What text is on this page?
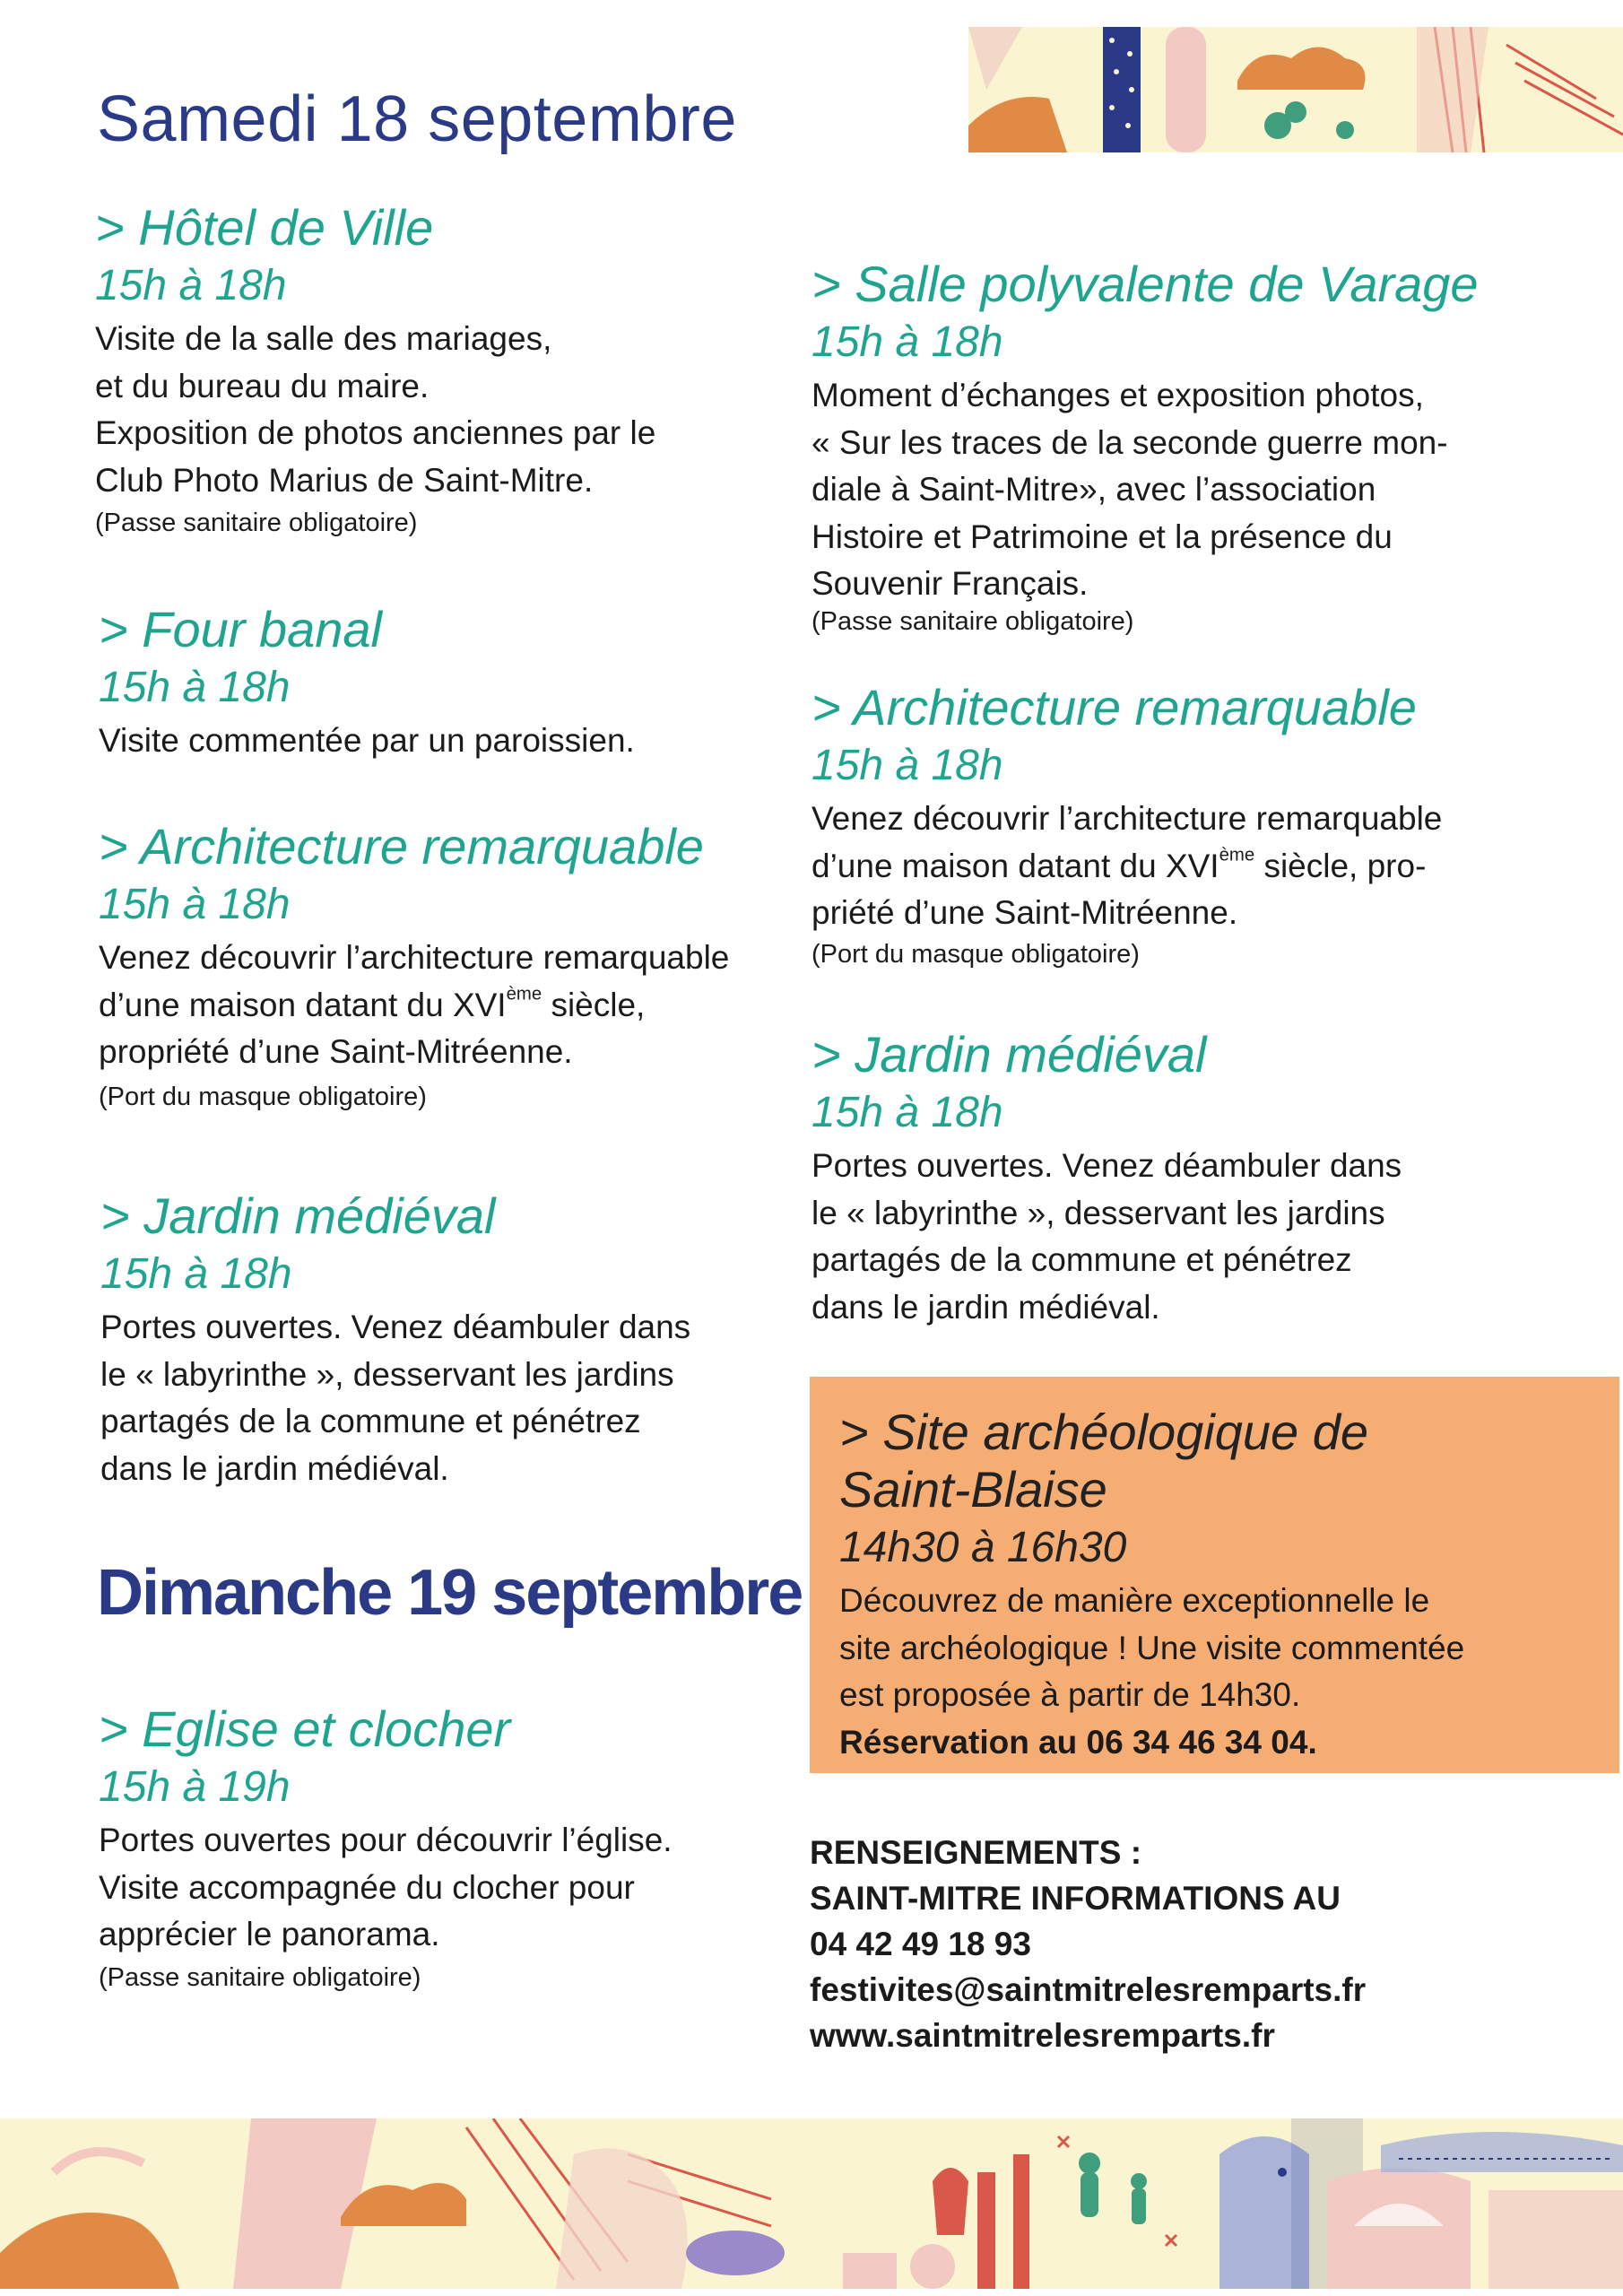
Samedi 18 septembre
> Hôtel de Ville
15h à 18h
Visite de la salle des mariages,
et du bureau du maire.
Exposition de photos anciennes par le
Club Photo Marius de Saint-Mitre.
(Passe sanitaire obligatoire)
> Four banal
15h à 18h
Visite commentée par un paroissien.
> Architecture remarquable
15h à 18h
Venez découvrir l’architecture remarquable
d’une maison datant du XVIème siècle,
propriété d’une Saint-Mitréenne.
(Port du masque obligatoire)
> Jardin médiéval
15h à 18h
Portes ouvertes. Venez déambuler dans
le « labyrinthe », desservant les jardins
partagés de la commune et pénétrez
dans le jardin médiéval.
Dimanche 19 septembre
> Eglise et clocher
15h à 19h
Portes ouvertes pour découvrir l’église.
Visite accompagnée du clocher pour
apprécier le panorama.
(Passe sanitaire obligatoire)
> Salle polyvalente de Varage
15h à 18h
Moment d’échanges et exposition photos,
« Sur les traces de la seconde guerre mon-
diale à Saint-Mitre», avec l’association
Histoire et Patrimoine et la présence du
Souvenir Français.
(Passe sanitaire obligatoire)
> Architecture remarquable
15h à 18h
Venez découvrir l’architecture remarquable
d’une maison datant du XVIème siècle, pro-
priété d’une Saint-Mitréenne.
(Port du masque obligatoire)
> Jardin médiéval
15h à 18h
Portes ouvertes. Venez déambuler dans
le « labyrinthe », desservant les jardins
partagés de la commune et pénétrez
dans le jardin médiéval.
> Site archéologique de
Saint-Blaise
14h30 à 16h30
Découvrez de manière exceptionnelle le
site archéologique ! Une visite commentée
est proposée à partir de 14h30.
Réservation au 06 34 46 34 04.
RENSEIGNEMENTS :
SAINT-MITRE INFORMATIONS AU
04 42 49 18 93
festivites@saintmitrelesremparts.fr
www.saintmitrelesremparts.fr
